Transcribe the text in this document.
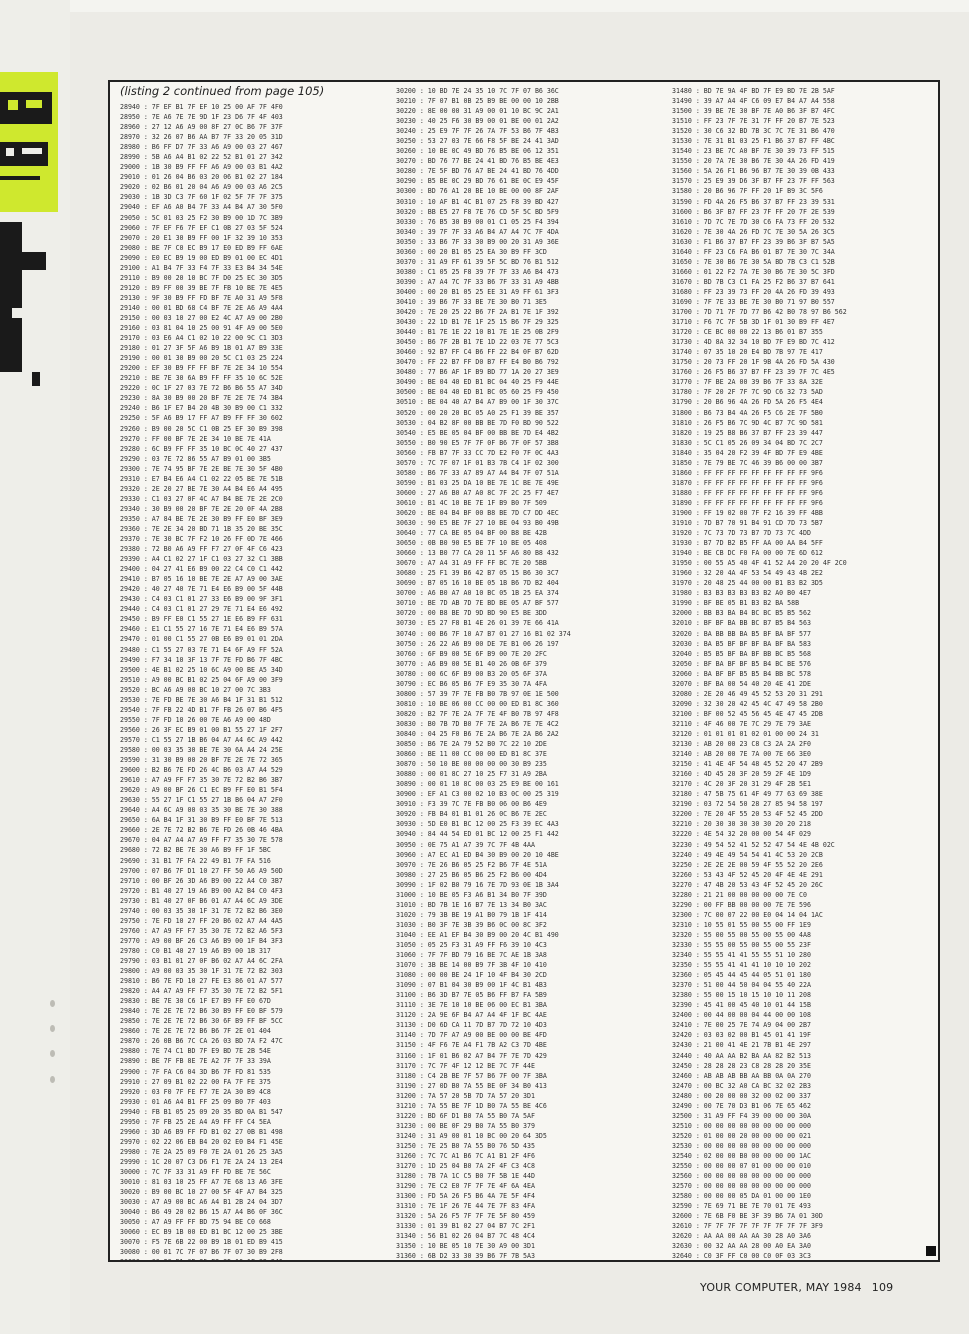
(listing 2 continued from page 105)
28940 : 7F EF B1 7F EF 10 25 00 AF 7F 4F0
28950 : 7E A6 7E 7E 9D 1F 23 D6 7F 4F 403
28960 : 27 12 A6 A9 00 8F 27 0C B6 7F 37F
28970 : 32 26 07 B6 AA B7 7F 33 20 05 31D
28980 : B6 FF D7 7F 33 A6 A9 00 03 27 467
28990 : 5B A6 A4 B1 02 22 52 B1 01 27 342
29000 : 1B 30 B9 FF FF A6 A9 00 03 B1 4A2
29010 : 01 26 04 B6 03 20 06 B1 02 27 184
29020 : 02 B6 01 20 04 A6 A9 00 03 A6 2C5
29030 : 1B 3D C3 7F 60 1F 02 5F 7F 7F 375
29040 : EF A6 A0 B4 7F 33 A4 B4 A7 30 5F0
29050 : 5C 01 03 25 F2 30 B9 00 1D 7C 3B9
29060 : 7F EF F6 7F EF C1 0B 27 03 5F 524
29070 : 20 E1 30 B9 FF 00 1F 32 39 10 353
29080 : BE 7F C0 EC B9 17 E0 ED B9 FF 6AE
29090 : E0 EC B9 19 00 ED B9 01 00 EC 4D1
29100 : A1 B4 7F 33 F4 7F 33 E3 B4 34 54E
29110 : B9 00 20 10 BC 7F D0 25 EC 30 3D5
29120 : B9 FF 00 39 BE 7F FB 10 BE 7E 4E5
29130 : 9F 30 B9 FF FD BF 7E A0 31 A9 5F8
29140 : 00 01 BD 68 C4 BF 7E 2E A6 A9 4A4
29150 : 00 03 10 27 00 E2 4C A7 A9 00 2B0
29160 : 03 81 04 10 25 00 91 4F A9 00 5E0
29170 : 03 E6 A4 C1 02 10 22 00 9C C1 3D3
29180 : 01 27 3F 5F A6 B9 1B 01 A7 B9 33E
29190 : 00 01 30 B9 00 20 5C C1 03 25 224
29200 : EF 30 B9 FF FF BF 7E 2E 34 10 554
29210 : BE 7E 30 6A B9 FF FF 35 10 6C 52E
29220 : 0C 1F 27 03 7E 72 B6 B6 55 A7 34D
29230 : 8A 30 B9 00 20 BF 7E 2E 7E 74 3B4
29240 : B6 1F E7 B4 20 4B 30 B9 00 C1 332
29250 : 5F A6 B9 17 FF A7 B9 FF FF 30 602
29260 : B9 00 20 5C C1 0B 25 EF 30 B9 398
29270 : FF 00 BF 7E 2E 34 10 BE 7E 41A
29280 : 6C B9 FF FF 35 10 BC 0C 40 27 437
29290 : 03 7E 72 86 55 A7 B9 01 00 3B5
29300 : 7E 74 95 BF 7E 2E BE 7E 30 5F 4B0
29310 : E7 B4 E6 A4 C1 02 22 05 BE 7E 51B
29320 : 2E 20 27 BE 7E 30 A4 B4 E6 A4 495
29330 : C1 03 27 0F 4C A7 B4 BE 7E 2E 2C0
29340 : 30 B9 00 20 BF 7E 2E 20 0F 4A 2B8
29350 : A7 84 BE 7E 2E 30 B9 FF E0 BF 3E9
29360 : 7E 2E 34 20 BD 71 1B 35 20 BE 35C
29370 : 7E 30 BC 7F F2 10 26 FF 0D 7E 466
29380 : 72 B0 A6 A9 FF F7 27 0F 4F C6 423
29390 : A4 C1 02 27 1F C1 03 27 32 C1 3BB
29400 : 04 27 41 E6 B9 00 22 C4 C0 C1 442
29410 : B7 05 16 10 BE 7E 2E A7 A9 00 3AE
29420 : 40 27 40 7E 71 E4 E6 B9 00 5F 44B
29430 : C4 03 C1 01 27 33 E6 B9 00 9F 3F1
29440 : C4 03 C1 01 27 29 7E 71 E4 E6 492
29450 : B9 FF E0 C1 55 27 1E E6 B9 FF 631
29460 : E1 C1 55 27 16 7E 71 E4 E6 B9 57A
29470 : 01 00 C1 55 27 0B E6 B9 01 01 2DA
29480 : C1 55 27 03 7E 71 E4 6F A9 FF 52A
29490 : F7 34 10 3F 13 7F 7E FD B6 7F 4BC
29500 : 4E B1 02 25 10 6C A9 00 BE A5 34D
29510 : A9 00 BC B1 02 25 04 6F A9 00 3F9
29520 : BC A6 A9 00 BC 10 27 00 7C 3B3
29530 : 7E FD BE 7E 30 A6 B4 1F 31 B1 512
29540 : 7F FB 22 4D B1 7F FB 26 07 B6 4F5
29550 : 7F FD 10 26 00 7E A6 A9 00 48D
29560 : 26 3F EC B9 01 00 B1 55 27 1F 2F7
29570 : C1 55 27 1B B6 04 A7 A4 6C A9 442
29580 : 00 03 35 30 BE 7E 30 6A A4 24 25E
29590 : 31 30 B9 00 20 BF 7E 2E 7E 72 365
29600 : B2 B6 7E FD 26 4C B6 03 A7 A4 529
29610 : A7 A9 FF F7 35 30 7E 72 B2 B6 3B7
29620 : A9 00 BF 26 C1 EC B9 FF E0 B1 5F4
29630 : 55 27 1F C1 55 27 1B B6 04 A7 2F0
29640 : A4 6C A9 00 03 35 30 BE 7E 30 388
29650 : 6A B4 1F 31 30 B9 FF E0 BF 7E 513
29660 : 2E 7E 72 B2 B6 7E FD 26 0B 46 4BA
29670 : 04 A7 A4 A7 A9 FF F7 35 30 7E 578
29680 : 72 B2 BE 7E 30 A6 B9 FF 1F 5BC
29690 : 31 B1 7F FA 22 49 B1 7F FA 516
29700 : 07 B6 7F D1 10 27 FF 50 A6 A9 50D
29710 : 00 BF 26 3D A6 B9 00 22 A4 C0 3B7
29720 : B1 40 27 19 A6 B9 00 A2 B4 C0 4F3
29730 : B1 40 27 0F B6 01 A7 A4 6C A9 3DE
29740 : 00 03 35 30 1F 31 7E 72 B2 B6 3E0
29750 : 7E FD 10 27 FF 20 B6 02 A7 A4 4A5
29760 : A7 A9 FF F7 35 30 7E 72 B2 A6 5F3
29770 : A9 00 BF 26 C3 A6 B9 00 1F B4 3F3
29780 : C0 B1 40 27 19 A6 B9 00 1B 317
29790 : 03 B1 01 27 0F B6 02 A7 A4 6C 2FA
29800 : A9 00 03 35 30 1F 31 7E 72 B2 303
29810 : B6 7E FD 10 27 FE E3 86 01 A7 577
29820 : A4 A7 A9 FF F7 35 30 7E 72 B2 5F1
29830 : BE 7E 30 C6 1F E7 B9 FF E0 67D
29840 : 7E 2E 7E 72 B6 30 B9 FF E0 BF 579
29850 : 7E 2E 7E 72 B6 30 6F B9 FF BF 5CC
29860 : 7E 2E 7E 72 B6 B6 7F 2E 01 404
29870 : 26 0B B6 7C CA 26 03 BD 7A F2 47C
29880 : 7E 74 C1 BD 7F E9 BD 7E 2B 54E
29890 : BE 7F FB 8E 7E A2 7F 7F 33 39A
29900 : 7F FA C6 04 3D B6 7F FD 81 535
29910 : 27 09 B1 02 22 00 FA 7F FE 375
29920 : 03 F0 7F FE F7 7E 2A 30 B9 4C8
29930 : 01 A6 A4 B1 FF 25 09 B0 7F 403
29940 : FB B1 05 25 09 20 35 BD 0A B1 547
29950 : 7F FB 25 2E A4 A9 FF FF C4 5EA
29960 : 3D A6 B9 FF FD B1 02 27 0B B1 498
29970 : 02 22 06 EB B4 20 02 E0 B4 F1 45E
29980 : 7E 2A 25 09 F0 7E 2A 01 26 25 3A5
29990 : 1C 20 07 C3 D6 F1 7E 2A 24 13 2E4
30000 : 7C 7F 33 31 A9 FF FD BE 7E 56C
30010 : 81 03 10 25 FF A7 7E 68 13 A6 3FE
30020 : B9 00 BC 10 27 00 5F 4F A7 B4 325
30030 : A7 A9 00 BC A6 A4 B1 2B 24 04 3D7
30040 : B6 49 20 02 B6 15 A7 A4 B6 0F 36C
30050 : A7 A9 FF FF BD 75 94 BE C0 668
30060 : EC B9 1B 00 ED B1 BC 12 00 25 3BE
30070 : F5 7E 6B 22 00 B9 1B 01 ED B9 415
30080 : 00 01 7C 7F 07 B6 7F 07 30 B9 2F8
30200 : 10 BD 7E 24 35 10 7C 7F 07 B6 36C
30210 : 7F 07 B1 0B 25 B9 BE 00 00 10 2BB
30220 : 8E 00 00 31 A9 00 01 10 BC 9C 2A1
30230 : 40 25 F6 30 B9 00 01 BE 00 01 2A2
30240 : 25 E9 7F 7F 26 7A 7F 53 B6 7F 4B3
30250 : 53 27 03 7E 66 F8 5F BE 24 41 3AD
30260 : 10 BE 0C 49 BD 76 B5 BE 06 12 351
30270 : BD 76 77 BE 24 41 BD 76 B5 BE 4E3
30280 : 7E 5F BD 76 A7 BE 24 41 BD 76 4DD
30290 : B5 BE 0C 29 BD 76 61 BE 0C E9 45F
30300 : BD 76 A1 20 BE 10 BE 00 00 8F 2AF
30310 : 10 AF B1 4C B1 07 25 F8 39 BD 427
30320 : BB E5 27 F8 7E 76 CD 5F 5C BD 5F9
30330 : 76 B5 30 B9 00 01 C1 05 25 F4 394
30340 : 39 7F 7F 33 A6 B4 A7 A4 7C 7F 4DA
30350 : 33 B6 7F 33 30 B9 00 20 31 A9 36E
30360 : 00 20 B1 05 25 EA 30 B9 FF 3CD
30370 : 31 A9 FF 61 39 5F 5C BD 76 B1 512
30380 : C1 05 25 F8 39 7F 7F 33 A6 B4 473
30390 : A7 A4 7C 7F 33 B6 7F 33 31 A9 4BB
30400 : 00 20 B1 05 25 EE 31 A9 FF 61 3F3
30410 : 39 B6 7F 33 BE 7E 30 B0 71 3E5
30420 : 7E 20 25 22 B6 7F 2A B1 7E 1F 392
30430 : 22 1D B1 7E 1F 25 15 B6 7F 29 325
30440 : B1 7E 1E 22 10 B1 7E 1E 25 0B 2F9
30450 : B6 7F 2B B1 7E 1D 22 03 7E 77 5C3
30460 : 92 B7 FF C4 B6 FF 22 B4 0F B7 62D
30470 : FF 22 B7 FF D0 B7 FF E4 B0 B6 792
30480 : 77 B6 AF 1F B9 BD 77 1A 20 27 3E9
30490 : BE 04 40 ED B1 BC 04 40 25 F9 44E
30500 : BE 04 40 ED B1 BC 05 60 25 F9 450
30510 : BE 04 40 A7 B4 A7 B9 00 1F 30 37C
30520 : 00 20 20 BC 05 A0 25 F1 39 BE 357
30530 : 04 B2 8F 00 BB BE 7D F0 BD 90 522
30540 : E5 BE 05 04 BF 00 BB BE 7D E4 4B2
30550 : B0 90 E5 7F 7F 0F B6 7F 0F 57 3B8
30560 : FB B7 7F 33 CC 7D E2 F0 7F 0C 4A3
30570 : 7C 7F 07 1F 01 B3 7B C4 1F 02 300
30580 : B6 7F 33 A7 89 A7 A4 B4 7F 07 51A
30590 : B1 03 25 DA 10 BE 7E 1C BE 7E 49E
30600 : 27 A6 B0 A7 A0 8C 7F 2C 25 F7 4E7
30610 : B1 4C 10 BE 7E 1F B9 B0 7F 509
30620 : BE 04 B4 BF 00 B8 BE 7D C7 DD 4EC
30630 : 90 E5 BE 7F 27 10 BE 04 93 B0 49B
30640 : 77 CA BE 05 04 BF 00 B8 BE 42B
30650 : 0B B0 90 E5 BE 7F 10 BE 05 408
30660 : 13 B0 77 CA 20 11 5F A6 80 B8 432
30670 : A7 A4 31 A9 FF FF BC 7E 20 5BB
30680 : 25 F1 39 B6 42 B7 05 15 B6 30 3C7
30690 : B7 05 16 10 BE 05 1B B6 7D B2 404
30700 : A6 B0 A7 A0 10 BC 05 1B 25 EA 374
30710 : BE 7D AB 7D 7E BD BE 05 A7 BF 577
30720 : 00 B8 BE 7D 9D BD 90 E5 BE 3DD
30730 : E5 27 F8 B1 4E 26 01 39 7E 66 41A
30740 : 00 B6 7F 10 A7 B7 01 27 16 B1 02 374
30750 : 26 22 A6 B9 00 DE 7E B1 06 26 197
30760 : 6F B9 00 5E 6F B9 00 7E 20 2FC
30770 : A6 B9 00 5E B1 40 26 0B 6F 379
30780 : 00 6C 6F B9 00 B3 20 05 6F 37A
30790 : EC B6 05 B6 7F E9 35 30 7A 4FA
30800 : 57 39 7F 7E FB B0 7B 97 0E 1E 500
30810 : 10 BE 06 00 CC 00 00 ED B1 8C 360
30820 : B2 7F 7E 2A 7F 7E 4F B0 7B 97 4F8
30830 : B0 7B 7D B0 7F 7E 2A B6 7E 7E 4C2
30840 : 04 25 F0 B6 7E 2A B6 7E 2A B6 2A2
30850 : B6 7E 2A 79 52 B0 7C 22 10 2DE
30860 : BE 11 00 CC 00 00 ED B1 8C 37E
30870 : 50 10 BE 00 00 00 00 30 B9 235
30880 : 00 01 8C 27 10 25 F7 31 A9 2BA
30890 : 00 01 10 8C 00 03 25 E9 BE 00 161
30900 : EF A1 C3 00 02 10 B3 0C 00 25 319
30910 : F3 39 7C 7E FB B0 06 00 B6 4E9
30920 : FB B4 01 B1 01 26 0C B6 7E 2EC
30930 : 5D E0 B1 BC 12 00 25 F3 39 EC 4A3
30940 : 84 44 54 ED 01 BC 12 00 25 F1 442
30950 : 0E 75 A1 A7 39 7C 7F 4B 4AA
30960 : A7 EC A1 ED B4 30 B9 00 20 10 4BE
30970 : 7E 26 B6 05 25 F2 B6 7F 4E 51A
30980 : 27 25 B6 05 B6 25 F2 B6 00 4D4
30990 : 1F 02 B0 79 16 7E 7D 93 0E 1B 3A4
31000 : 10 BE 05 F3 A6 B1 34 B0 7F 39D
31010 : BD 7B 1E 16 B7 7E 13 34 B0 3AC
31020 : 79 3B BE 19 A1 B0 79 1B 1F 414
31030 : B0 3F 7E 3B 39 B6 0C 00 8C 3F2
31040 : EE A1 EF B4 30 B9 00 20 4C B1 490
31050 : 05 25 F3 31 A9 FF F6 39 10 4C3
31060 : 7F 7F BD 79 16 BE 7C AE 1B 3A8
31070 : 3B BE 14 00 B9 7F 3B 4F 10 410
31080 : 00 00 BE 24 1F 10 4F B4 30 2CD
31090 : 07 B1 04 30 B9 00 1F 4C B1 4B3
31100 : B6 3D B7 7E 05 B6 FF B7 FA 5B9
31110 : 3E 7E 10 10 BE 06 00 EC B1 3BA
31120 : 2A 9E 6F B4 A7 A4 4F 1F BC 4AE
31130 : D0 6D CA 11 7D B7 7D 72 10 4D3
31140 : 7D 7F A7 A9 00 BE 00 00 BE 4FD
31150 : 4F F6 7E A4 F1 7B A2 C3 7D 4BE
31160 : 1F 01 B6 02 A7 B4 7F 7E 7D 429
31170 : 7C 7F 4F 12 12 BE 7C 7F 44E
31180 : C4 2B BE 7F 57 B6 7F 00 7F 3BA
31190 : 27 0D B0 7A 55 BE 0F 34 B0 413
31200 : 7A 57 20 5B 7D 7A 57 20 3D1
31210 : 7A 55 BE 7F 1D B0 7A 55 BE 4C6
31220 : BD 6F D1 B0 7A 55 B0 7A 5AF
31230 : 00 BE 0F 29 B0 7A 55 B0 379
31240 : 31 A9 00 01 10 BC 00 20 64 3D5
31250 : 7E 25 B0 7A 55 B0 76 5D 435
31260 : 7C 7C A1 B6 7C A1 B1 2F 4F6
31270 : 1D 25 04 B0 7A 2F 4F C3 4C8
31280 : 7B 7A 1C C5 B0 7F 5B 1E 44D
31290 : 7E C2 E0 7F 7F 7E 4F 6A 4EA
31300 : FD 5A 26 F5 B6 4A 7E 5F 4F4
31310 : 7E 1F 26 7E 44 7E 7F 83 4FA
31320 : 5A 26 F5 7F 7F 7E 5F 80 459
31330 : 01 39 B1 02 27 04 B7 7C 2F1
31340 : 56 B1 02 26 04 B7 7C 48 4C4
31350 : 10 BE 05 10 7E 30 A9 00 3D1
31360 : 6B D2 33 30 39 B6 7F 7B 5A3
31480 : BD 7E 9A 4F BD 7F E9 BD 7E 2B 5AF
31490 : 39 A7 A4 4F C6 09 E7 B4 A7 A4 558
31500 : 39 BE 7E 30 BF 7E A0 B6 3F B7 4FC
31510 : FF 23 7F 7E 31 7F FF 20 B7 7E 523
31520 : 30 C6 32 BD 7B 3C 7C 7E 31 B6 470
31530 : 7E 31 B1 03 25 F1 B6 37 B7 FF 4BC
31540 : 23 BE 7C A0 BF 7E 30 39 73 FF 515
31550 : 20 7A 7E 30 B6 7E 30 4A 26 FD 419
31560 : 5A 26 F1 B6 96 B7 7E 30 39 0B 433
31570 : 25 E9 39 D6 3F B7 FF 23 7F FF 563
31580 : 20 B6 96 7F FF 20 1F B9 3C 5F6
31590 : FD 4A 26 F5 B6 37 B7 FF 23 39 531
31600 : B6 3F B7 FF 23 7F FF 20 7F 2E 539
31610 : 7D 7C 7E 7D 30 C6 FA 73 FF 20 532
31620 : 7E 30 4A 26 FD 7C 7E 30 5A 26 3C5
31630 : F1 B6 37 B7 FF 23 39 B6 3F B7 5A5
31640 : FF 23 C6 FA B6 01 B7 7E 30 7C 34A
31650 : 7E 30 B6 7E 30 5A BD 7B C3 C1 52B
31660 : 01 22 F2 7A 7E 30 B6 7E 30 5C 3FD
31670 : BD 7B C3 C1 FA 25 F2 B6 37 B7 641
31680 : FF 23 39 73 FF 20 4A 26 FD 39 493
31690 : 7F 7E 33 BE 7E 30 B0 71 97 B0 557
31700 : 7D 71 7F 7D 77 B6 42 B0 78 97 B6 562
31710 : F6 7C 7F 5B 3D 1F 01 30 B9 FF 4E7
31720 : CE BC 00 00 22 13 B6 01 B7 355
31730 : 4D 8A 32 34 10 BD 7F E9 BD 7C 412
31740 : 07 35 10 20 E4 BD 7B 97 7E 417
31750 : 20 73 FF 20 1F 9B 4A 26 FD 5A 430
31760 : 26 F5 B6 37 B7 FF 23 39 7F 7C 4E5
31770 : 7F BE 2A 00 39 B6 7F 33 8A 32E
31780 : 7F 20 2F 7F 7C 9D C6 32 73 5AD
31790 : 20 B6 96 4A 26 FD 5A 26 F5 4E4
31800 : B6 73 B4 4A 26 F5 C6 2E 7F 5B0
31810 : 26 F5 B6 7C 9D 4C B7 7C 9D 581
31820 : 19 25 B8 B6 37 B7 FF 23 39 447
31830 : 5C C1 05 26 09 34 04 BD 7C 2C7
31840 : 35 04 20 F2 39 4F BD 7F E9 4BE
31850 : 7E 79 BE 7C 46 39 B6 00 00 3B7
31860 : FF FF FF FF FF FF FF FF FF 9F6
31870 : FF FF FF FF FF FF FF FF FF 9F6
31880 : FF FF FF FF FF FF FF FF FF 9F6
31890 : FF FF FF FF FF FF FF FF FF 9F6
31900 : FF 19 02 00 7F F2 16 39 FF 4BB
31910 : 7D B7 70 91 B4 91 CD 7D 73 5B7
31920 : 7C 73 7D 73 B7 7D 73 7C 4DD
31930 : B7 7D B2 B5 FF AA 00 AA B4 5FF
31940 : BE CB DC F0 FA 00 00 7E 6D 612
31950 : 00 55 A5 40 4F 41 52 A4 20 20 4F 2C0
31960 : 32 20 4A 4F 53 54 49 43 4B 2E2
31970 : 20 48 25 44 00 00 B1 B3 B2 3D5
31980 : B3 B3 B3 B3 B3 B2 A0 B0 4E7
31990 : BF BE 05 B1 B3 B2 BA 58B
32000 : BB B3 BA B4 BC BC B5 B5 562
32010 : BF BF BA BB BC B7 B5 B4 563
32020 : BA BB BB BA B5 BF BA BF 577
32030 : BA B5 BF BF BF BA BF BA 583
32040 : B5 B5 BF BA BF BB BC B5 568
32050 : BF BA BF BF B5 B4 BC BE 576
32060 : BA BF BF B5 B5 B4 BB BC 578
32070 : BF BA 00 54 40 20 4E 41 2DE
32080 : 2E 20 46 49 45 52 53 20 31 291
32090 : 32 30 20 42 45 4C 47 49 58 2B0
32100 : BF 00 52 45 56 45 4E 47 45 2DB
32110 : 4F 46 00 7E 7C 29 7E 79 3AE
32120 : 01 01 01 01 02 01 00 00 24 31
32130 : AB 20 00 23 C8 C3 2A 2A 2F0
32140 : AB 20 00 7E 7A 00 7E 66 3E0
32150 : 41 4E 4F 54 48 45 52 20 47 2B9
32160 : 4D 45 20 3F 20 59 2F 4E 1D9
32170 : 4C 20 3F 20 31 29 4F 2B 5E1
32180 : 47 5B 75 61 4F 49 77 63 69 38E
32190 : 03 72 54 50 28 27 85 94 58 197
32200 : 7E 20 4F 55 20 53 4F 52 45 2DD
32210 : 20 30 30 30 30 30 20 20 218
32220 : 4E 54 32 20 00 00 54 4F 029
32230 : 49 54 52 41 52 52 47 54 4E 4B 02C
32240 : 49 4E 49 54 54 41 4C 53 20 2CB
32250 : 2E 2E 2E 00 59 4F 55 52 20 2E6
32260 : 53 43 4F 52 45 20 4F 4E 4E 291
32270 : 47 4B 20 53 43 4F 52 45 20 26C
32280 : 21 21 00 00 00 00 00 7E C0
32290 : 00 FF BB 00 00 00 7E 7E 596
32300 : 7C 00 07 22 00 E0 04 14 04 1AC
32310 : 10 55 01 55 00 55 00 FF 1E9
32320 : 55 00 55 00 55 00 55 00 4A8
32330 : 55 55 00 55 00 55 00 55 23F
32340 : 55 55 41 41 55 55 51 10 280
32350 : 55 55 41 41 41 10 10 10 202
32360 : 05 45 44 45 44 05 51 01 180
32370 : 51 00 44 50 04 04 55 40 22A
32380 : 55 00 15 10 15 10 10 11 208
32390 : 45 41 00 45 40 10 01 44 15B
32400 : 00 44 00 00 04 44 00 00 108
32410 : 7E 00 25 7E 74 A9 04 00 2B7
32420 : 03 03 02 00 B1 45 01 41 19F
32430 : 21 00 41 4E 21 7B B1 4E 297
32440 : 40 AA AA B2 BA AA 82 B2 513
32450 : 28 28 28 23 C8 28 28 20 35E
32460 : AB AB AB BB AA BB 0A 0A 270
32470 : 00 BC 32 A0 CA BC 32 02 2B3
32480 : 00 20 00 00 32 00 02 00 337
32490 : 00 7E 70 D3 B1 06 7E 65 462
32500 : 31 A9 FF F4 39 00 00 00 30A
32510 : 00 00 00 00 00 00 00 00 000
32520 : 01 00 00 20 00 00 00 00 021
32530 : 00 00 00 00 00 00 00 00 000
32540 : 02 00 00 B0 00 00 00 00 1AC
32550 : 00 00 00 07 01 00 00 00 010
32560 : 00 00 00 00 00 00 00 00 000
32570 : 00 00 00 00 00 00 00 00 000
32580 : 00 00 00 05 DA 01 00 00 1E0
32590 : 7E 69 71 BE 7E 70 01 7E 493
32600 : 7E 6B F0 BE 3F 39 B6 7A 01 30D
32610 : 7F 7F 7F 7F 7F 7F 7F 7F 7F 3F9
32620 : AA AA 00 AA AA 30 28 A0 3A6
32630 : 00 32 AA AA 28 00 A0 EA 3A0
32640 : C0 3F FF C0 00 C0 0F 03 3C3
YOUR COMPUTER, MAY 1984 109
